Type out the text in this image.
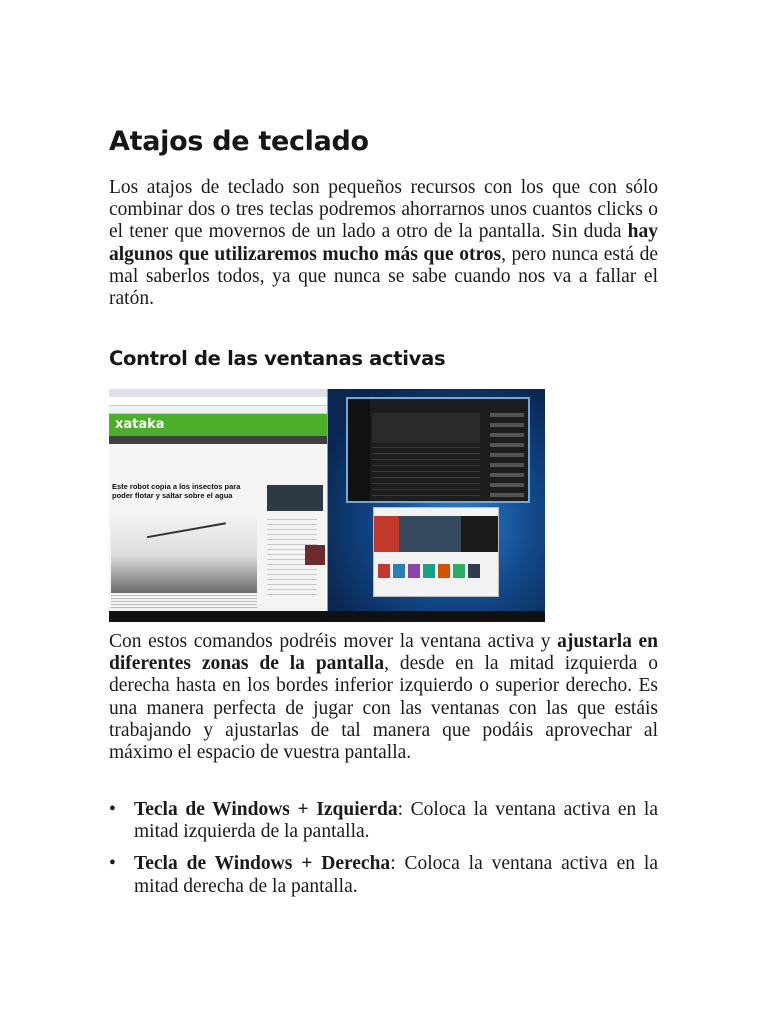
Atajos de teclado

Los atajos de teclado son pequeños recursos con los que con sólo combinar dos o tres teclas podremos ahorrarnos unos cuantos clicks o el tener que movernos de un lado a otro de la pantalla. Sin duda hay algunos que utilizaremos mucho más que otros, pero nunca está de mal saberlos todos, ya que nunca se sabe cuando nos va a fallar el ratón.

Control de las ventanas activas
xataka
Este robot copia a los insectos para poder flotar y saltar sobre el agua

Con estos comandos podréis mover la ventana activa y ajustarla en diferentes zonas de la pantalla, desde en la mitad izquierda o derecha hasta en los bordes inferior izquierdo o superior derecho. Es una manera perfecta de jugar con las ventanas con las que estáis trabajando y ajustarlas de tal manera que podáis aprovechar al máximo el espacio de vuestra pantalla.

• Tecla de Windows + Izquierda: Coloca la ventana activa en la mitad izquierda de la pantalla.
• Tecla de Windows + Derecha: Coloca la ventana activa en la mitad derecha de la pantalla.
